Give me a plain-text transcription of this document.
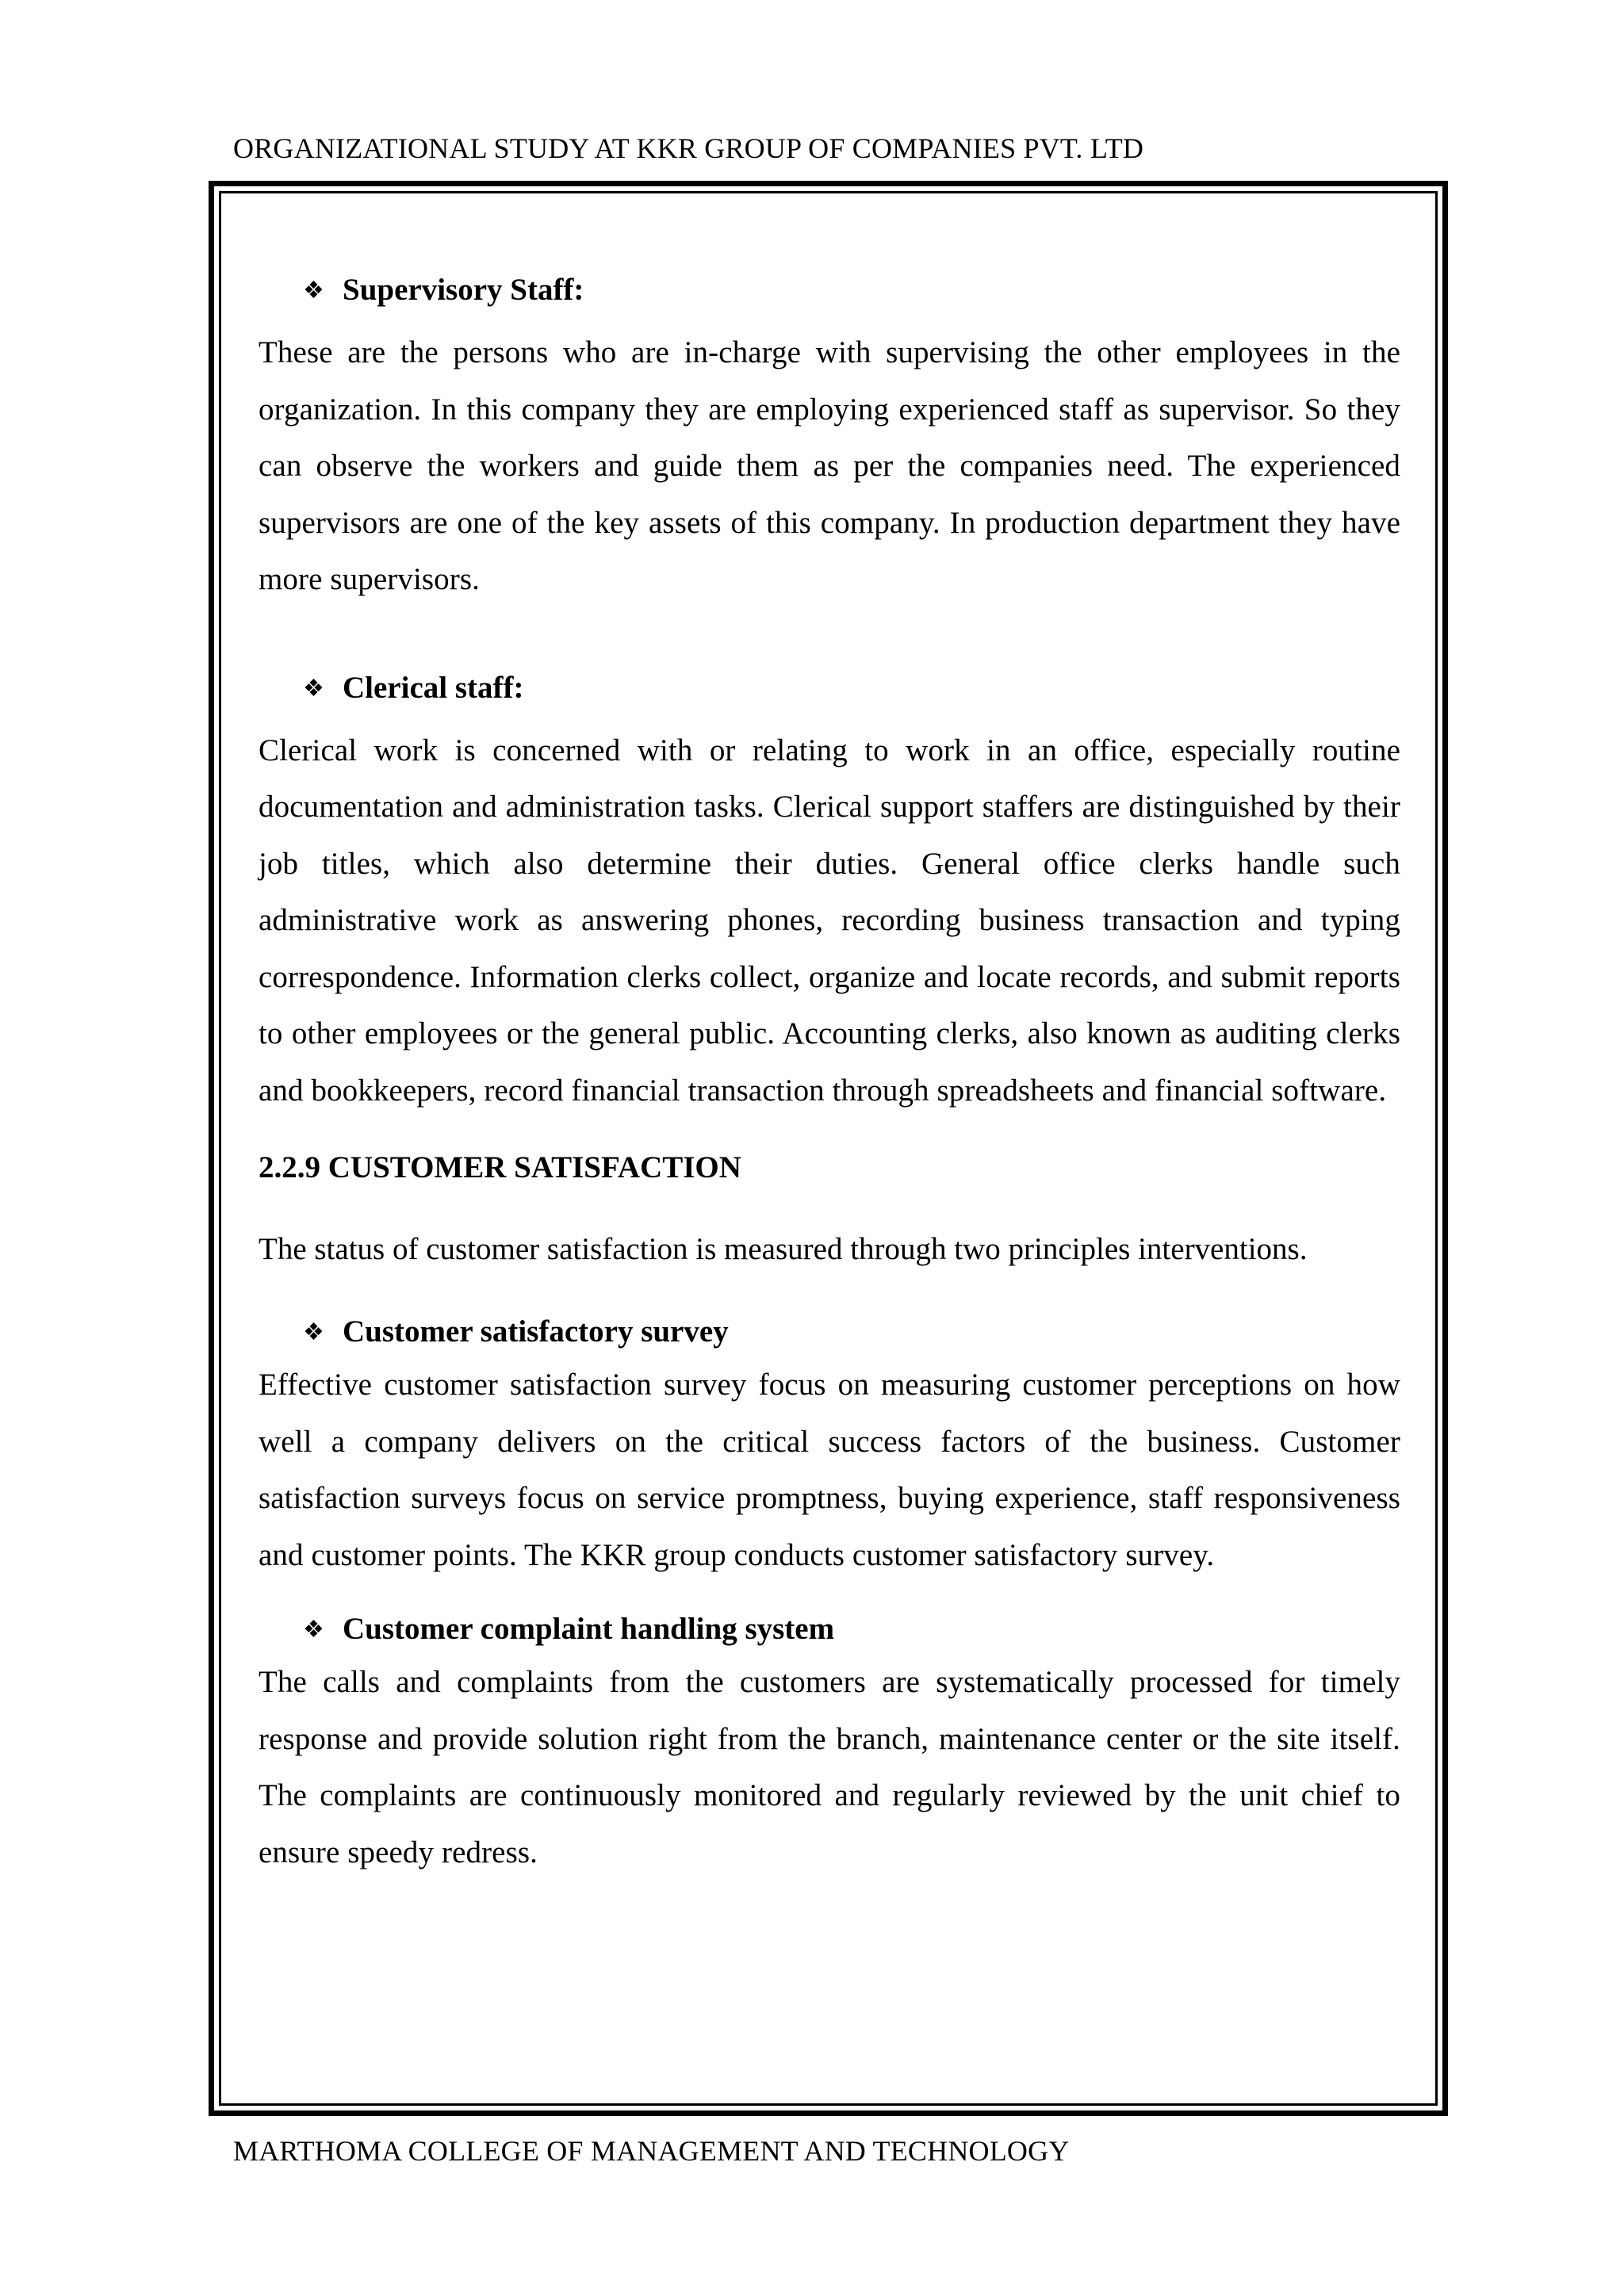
ORGANIZATIONAL STUDY AT KKR GROUP OF COMPANIES PVT. LTD
❖ Supervisory Staff:

These are the persons who are in-charge with supervising the other employees in the organization. In this company they are employing experienced staff as supervisor. So they can observe the workers and guide them as per the companies need. The experienced supervisors are one of the key assets of this company. In production department they have more supervisors.

❖ Clerical staff:

Clerical work is concerned with or relating to work in an office, especially routine documentation and administration tasks. Clerical support staffers are distinguished by their job titles, which also determine their duties. General office clerks handle such administrative work as answering phones, recording business transaction and typing correspondence. Information clerks collect, organize and locate records, and submit reports to other employees or the general public. Accounting clerks, also known as auditing clerks and bookkeepers, record financial transaction through spreadsheets and financial software.

2.2.9 CUSTOMER SATISFACTION
The status of customer satisfaction is measured through two principles interventions.
❖ Customer satisfactory survey

Effective customer satisfaction survey focus on measuring customer perceptions on how well a company delivers on the critical success factors of the business. Customer satisfaction surveys focus on service promptness, buying experience, staff responsiveness and customer points. The KKR group conducts customer satisfactory survey.

❖ Customer complaint handling system

The calls and complaints from the customers are systematically processed for timely response and provide solution right from the branch, maintenance center or the site itself. The complaints are continuously monitored and regularly reviewed by the unit chief to ensure speedy redress.

MARTHOMA COLLEGE OF MANAGEMENT AND TECHNOLOGY
